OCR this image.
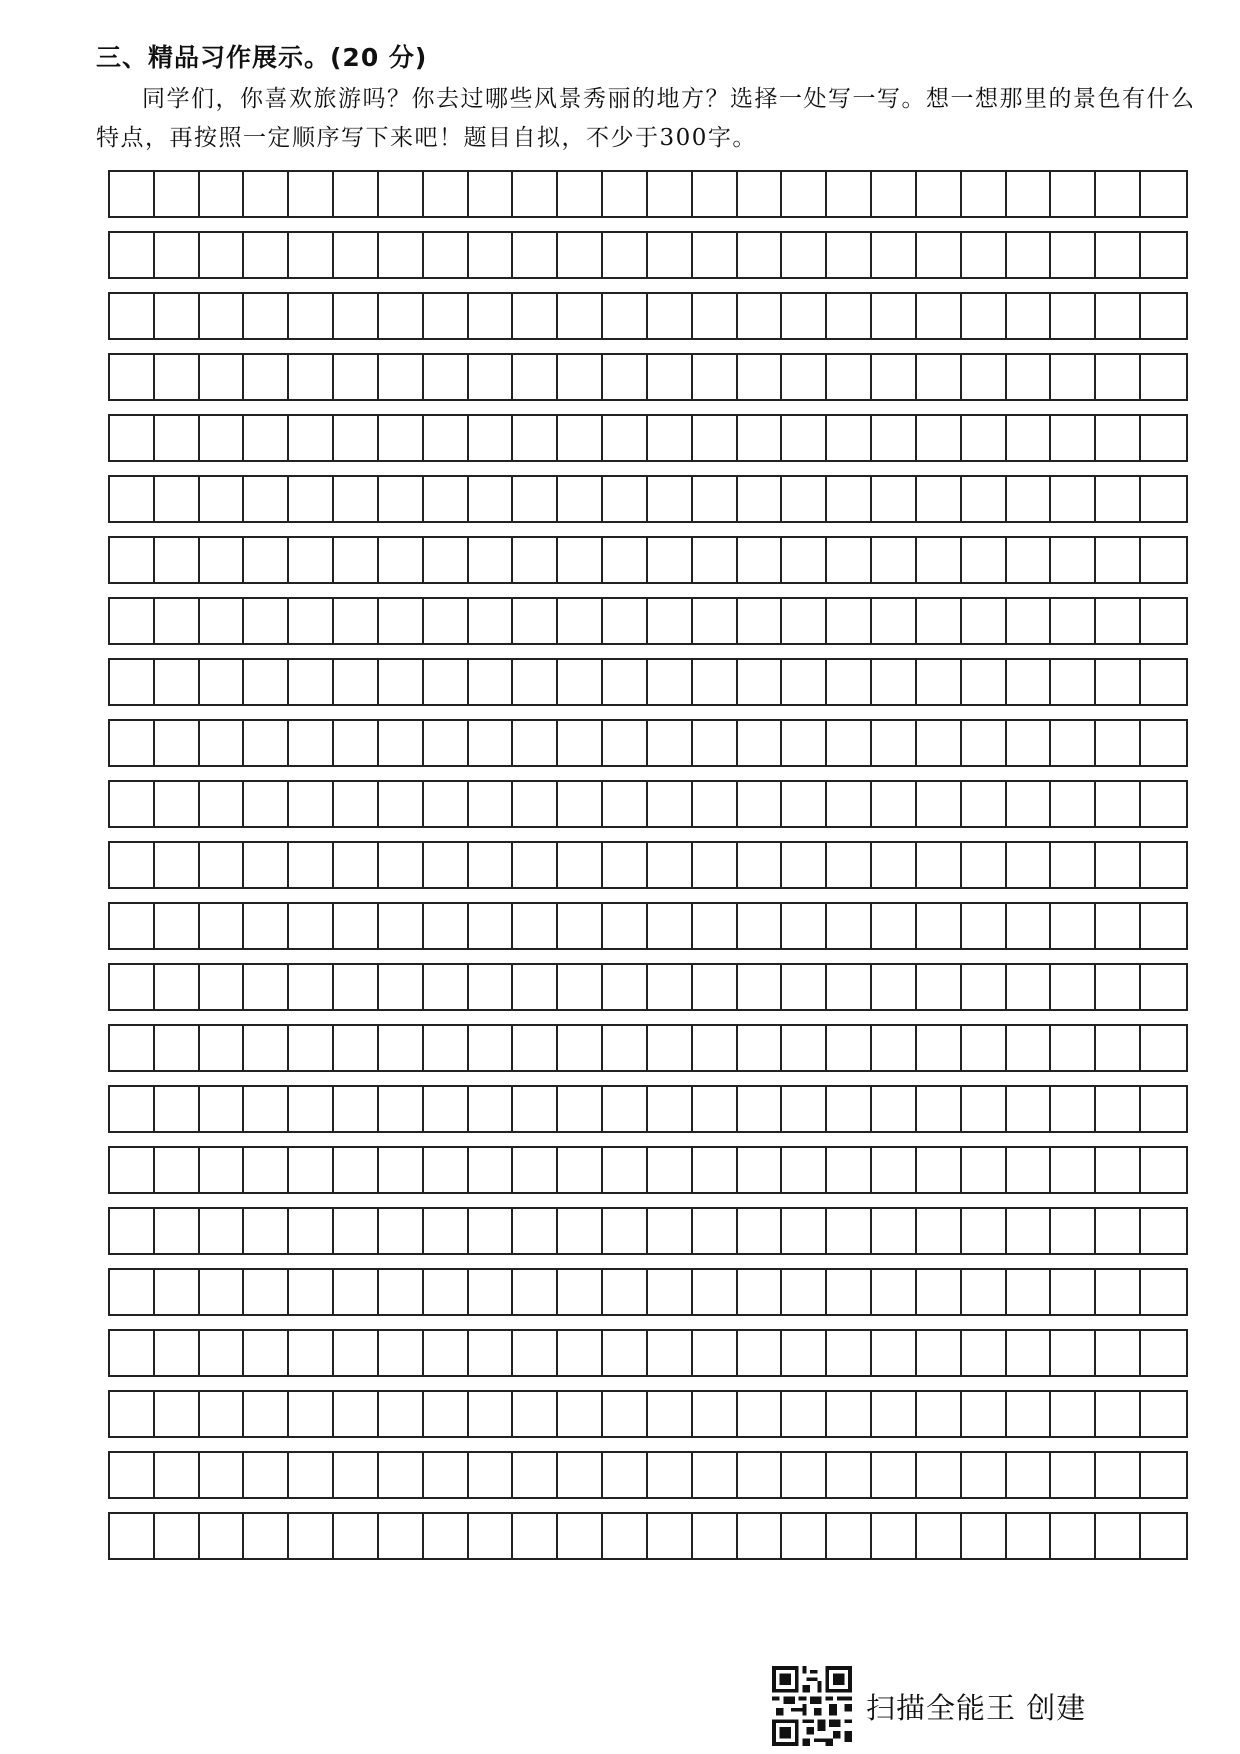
三、精品习作展示。(20 分)

同学们，你喜欢旅游吗？你去过哪些风景秀丽的地方？选择一处写一写。想一想那里的景色有什么特点，再按照一定顺序写下来吧！题目自拟，不少于300字。

扫描全能王 创建
